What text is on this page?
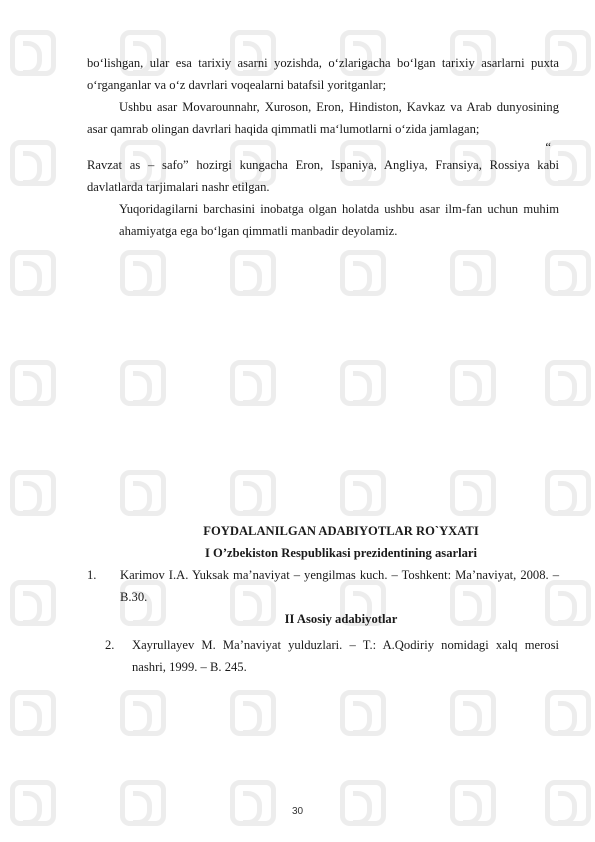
bo‘lishgan, ular esa tarixiy asarni yozishda, o‘zlarigacha bo‘lgan tarixiy asarlarni puxta o‘rganganlar va o‘z davrlari voqealarni batafsil yoritganlar;

Ushbu asar Movarounnahr, Xuroson, Eron, Hindiston, Kavkaz va Arab dunyosining asar qamrab olingan davrlari haqida qimmatli ma‘lumotlarni o‘zida jamlagan;

“

Ravzat as – safo” hozirgi kungacha Eron, Ispaniya, Angliya, Fransiya, Rossiya kabi davlatlarda tarjimalari nashr etilgan.

Yuqoridagilarni barchasini inobatga olgan holatda ushbu asar ilm-fan uchun muhim ahamiyatga ega bo‘lgan qimmatli manbadir deyolamiz.

FOYDALANILGAN ADABIYOTLAR RO`YXATI

I O’zbekiston Respublikasi prezidentining asarlari

1.	Karimov I.A. Yuksak ma’naviyat – yengilmas kuch. – Toshkent: Ma’naviyat, 2008. – B.30.

II Asosiy adabiyotlar

2.	Xayrullayev M. Ma’naviyat yulduzlari. – T.: A.Qodiriy nomidagi xalq merosi nashri, 1999. – B. 245.
30
